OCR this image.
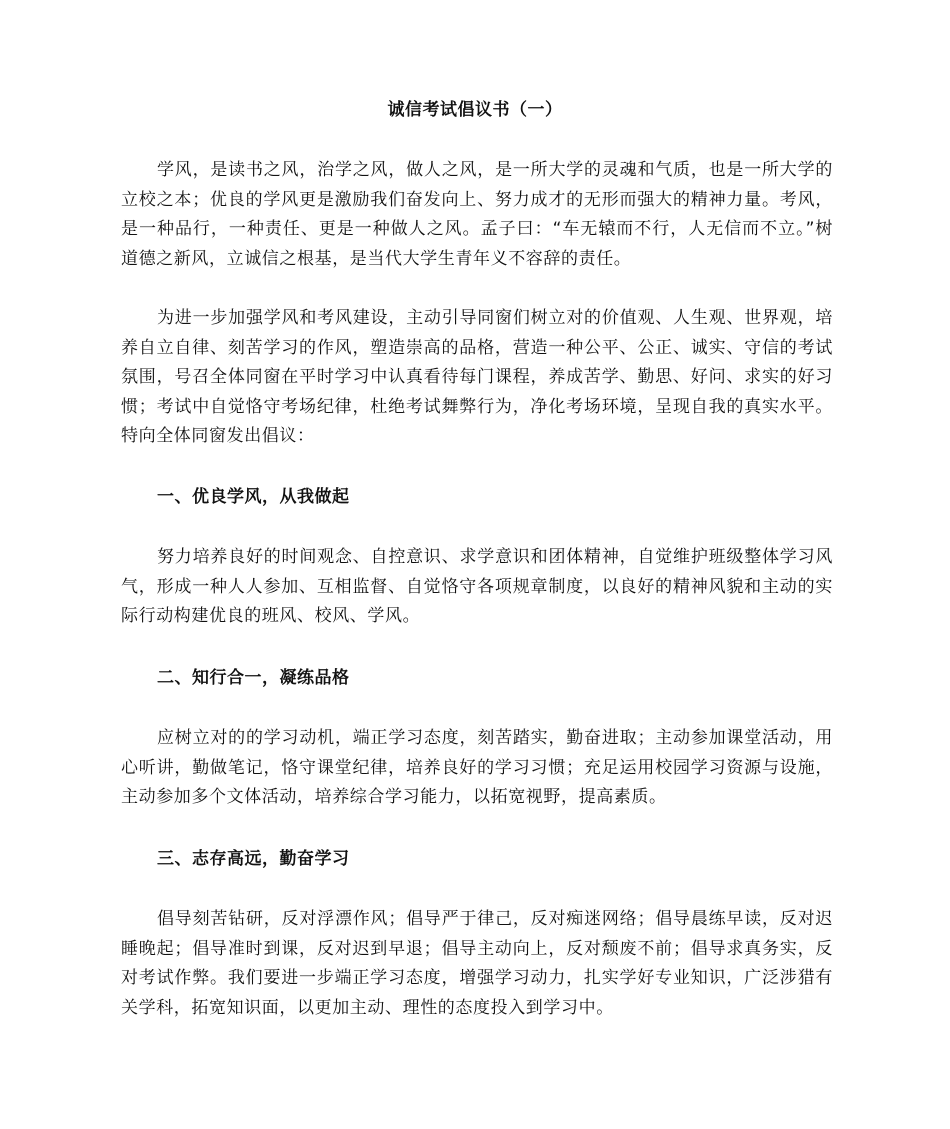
诚信考试倡议书（一）
学风，是读书之风，治学之风，做人之风，是一所大学的灵魂和气质，也是一所大学的立校之本；优良的学风更是激励我们奋发向上、努力成才的无形而强大的精神力量。考风，是一种品行，一种责任、更是一种做人之风。孟子曰：“车无辕而不行，人无信而不立。”树道德之新风，立诚信之根基，是当代大学生青年义不容辞的责任。
为进一步加强学风和考风建设，主动引导同窗们树立对的价值观、人生观、世界观，培养自立自律、刻苦学习的作风，塑造崇高的品格，营造一种公平、公正、诚实、守信的考试氛围，号召全体同窗在平时学习中认真看待每门课程，养成苦学、勤思、好问、求实的好习惯；考试中自觉恪守考场纪律，杜绝考试舞弊行为，净化考场环境，呈现自我的真实水平。特向全体同窗发出倡议：
一、优良学风，从我做起
努力培养良好的时间观念、自控意识、求学意识和团体精神，自觉维护班级整体学习风气，形成一种人人参加、互相监督、自觉恪守各项规章制度，以良好的精神风貌和主动的实际行动构建优良的班风、校风、学风。
二、知行合一，凝练品格
应树立对的的学习动机，端正学习态度，刻苦踏实，勤奋进取；主动参加课堂活动，用心听讲，勤做笔记，恪守课堂纪律，培养良好的学习习惯；充足运用校园学习资源与设施，主动参加多个文体活动，培养综合学习能力，以拓宽视野，提高素质。
三、志存高远，勤奋学习
倡导刻苦钻研，反对浮漂作风；倡导严于律己，反对痴迷网络；倡导晨练早读，反对迟睡晚起；倡导准时到课，反对迟到早退；倡导主动向上，反对颓废不前；倡导求真务实，反对考试作弊。我们要进一步端正学习态度，增强学习动力，扎实学好专业知识，广泛涉猎有关学科，拓宽知识面，以更加主动、理性的态度投入到学习中。
